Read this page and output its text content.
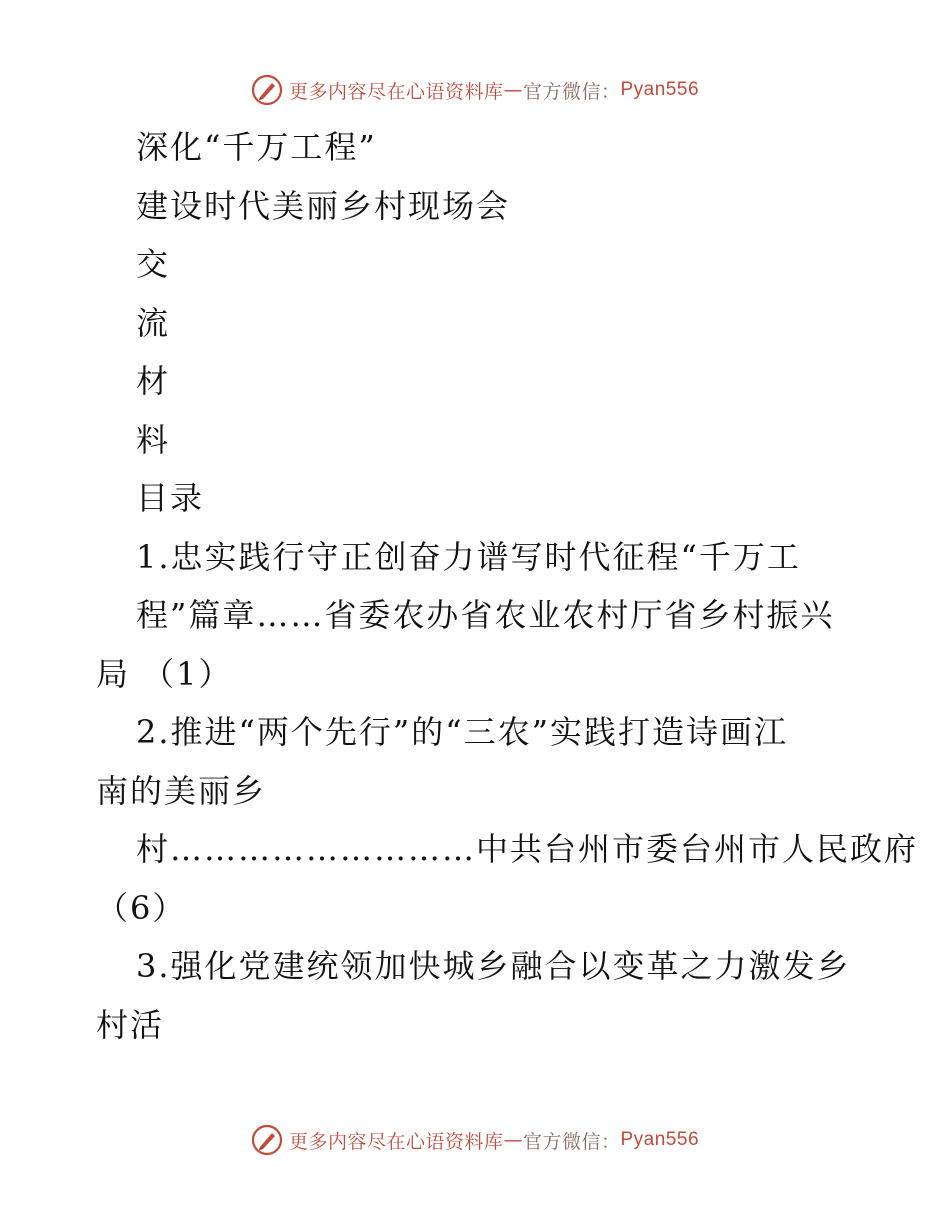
更多内容尽在心语资料库 — 官方微信： Pyan556
深化“千万工程”
建设时代美丽乡村现场会
交
流
材
料
目录
1.忠实践行守正创奋力谱写时代征程“千万工
程”篇章……省委农办省农业农村厅省乡村振兴
局 （1）
2.推进“两个先行”的“三农”实践打造诗画江
南的美丽乡
村………………………中共台州市委台州市人民政府
（6）
3.强化党建统领加快城乡融合以变革之力激发乡
村活
更多内容尽在心语资料库 — 官方微信： Pyan556
